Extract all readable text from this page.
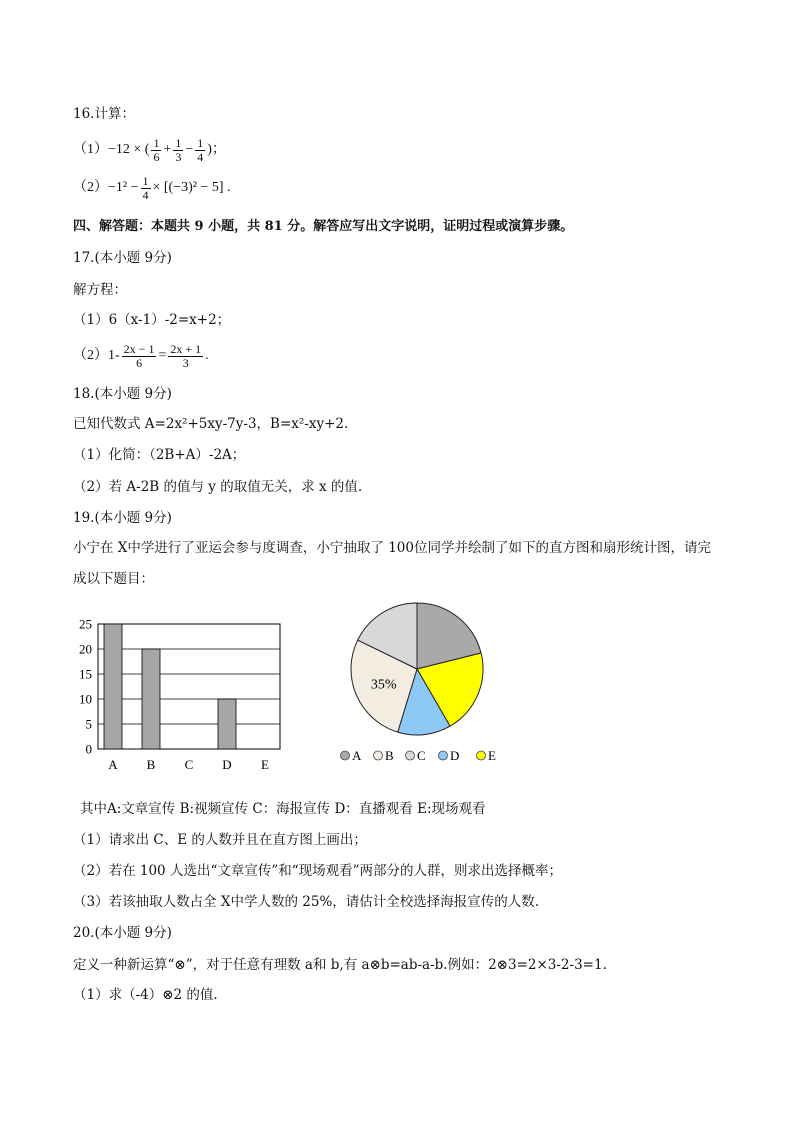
16.计算：
（1） −12 × ( $\frac{1}{6} + \frac{1}{3} - \frac{1}{4}$ )；
$(2) -1^2 - \frac{1}{4} \times [(-3)^2 - 5]$ .
四、解答题：本题共 9 小题，共 81 分。解答应写出文字说明，证明过程或演算步骤。
17.(本小题 9分)
解方程：
（1）6（x-1）-2=x+2；
$(2)1- \frac{2x - 1}{6} = \frac{2x + 1}{3}$ .
18.(本小题 9分)
已知代数式 A=2x²+5xy-7y-3，B=x²-xy+2.
（1）化简：（2B+A）-2A；
（2）若 A-2B 的值与 y 的取值无关，求 x 的值.
19.(本小题 9分)
小宁在 X中学进行了亚运会参与度调查，小宁抽取了 100位同学并绘制了如下的直方图和扇形统计图，请完成以下题目：
0
5
10
15
20
25
A B C D E
35%
A B C D E
其中A:文章宣传 B:视频宣传 C：海报宣传 D：直播观看 E:现场观看
（1）请求出 C、E 的人数并且在直方图上画出；
（2）若在 100 人选出“文章宣传”和“现场观看”两部分的人群，则求出选择概率；
（3）若该抽取人数占全 X中学人数的 25%，请估计全校选择海报宣传的人数.
20.(本小题 9分)
定义一种新运算“⊗”，对于任意有理数 a和 b,有 a⊗b=ab-a-b.例如：2⊗3=2×3-2-3=1.
（1）求（-4）⊗2 的值.
